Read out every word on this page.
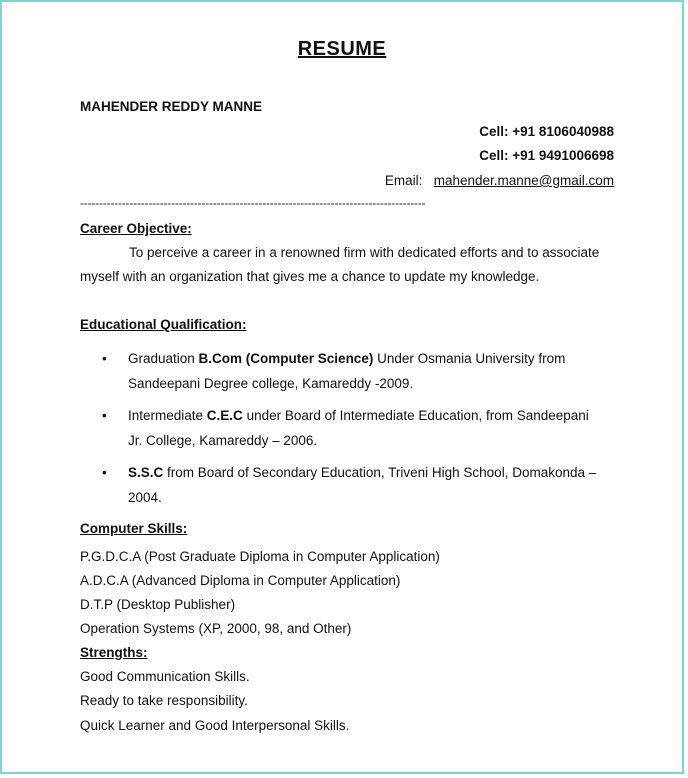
RESUME
MAHENDER REDDY MANNE
Cell: +91 8106040988
Cell: +91 9491006698
Email: mahender.manne@gmail.com
-------------------------------------------------------------------------------------------
Career Objective:
To perceive a career in a renowned firm with dedicated efforts and to associate
myself with an organization that gives me a chance to update my knowledge.
Educational Qualification:
• Graduation B.Com (Computer Science) Under Osmania University from
Sandeepani Degree college, Kamareddy -2009.
• Intermediate C.E.C under Board of Intermediate Education, from Sandeepani
Jr. College, Kamareddy – 2006.
• S.S.C from Board of Secondary Education, Triveni High School, Domakonda –
2004.
Computer Skills:
P.G.D.C.A (Post Graduate Diploma in Computer Application)
A.D.C.A (Advanced Diploma in Computer Application)
D.T.P (Desktop Publisher)
Operation Systems (XP, 2000, 98, and Other)
Strengths:
Good Communication Skills.
Ready to take responsibility.
Quick Learner and Good Interpersonal Skills.
